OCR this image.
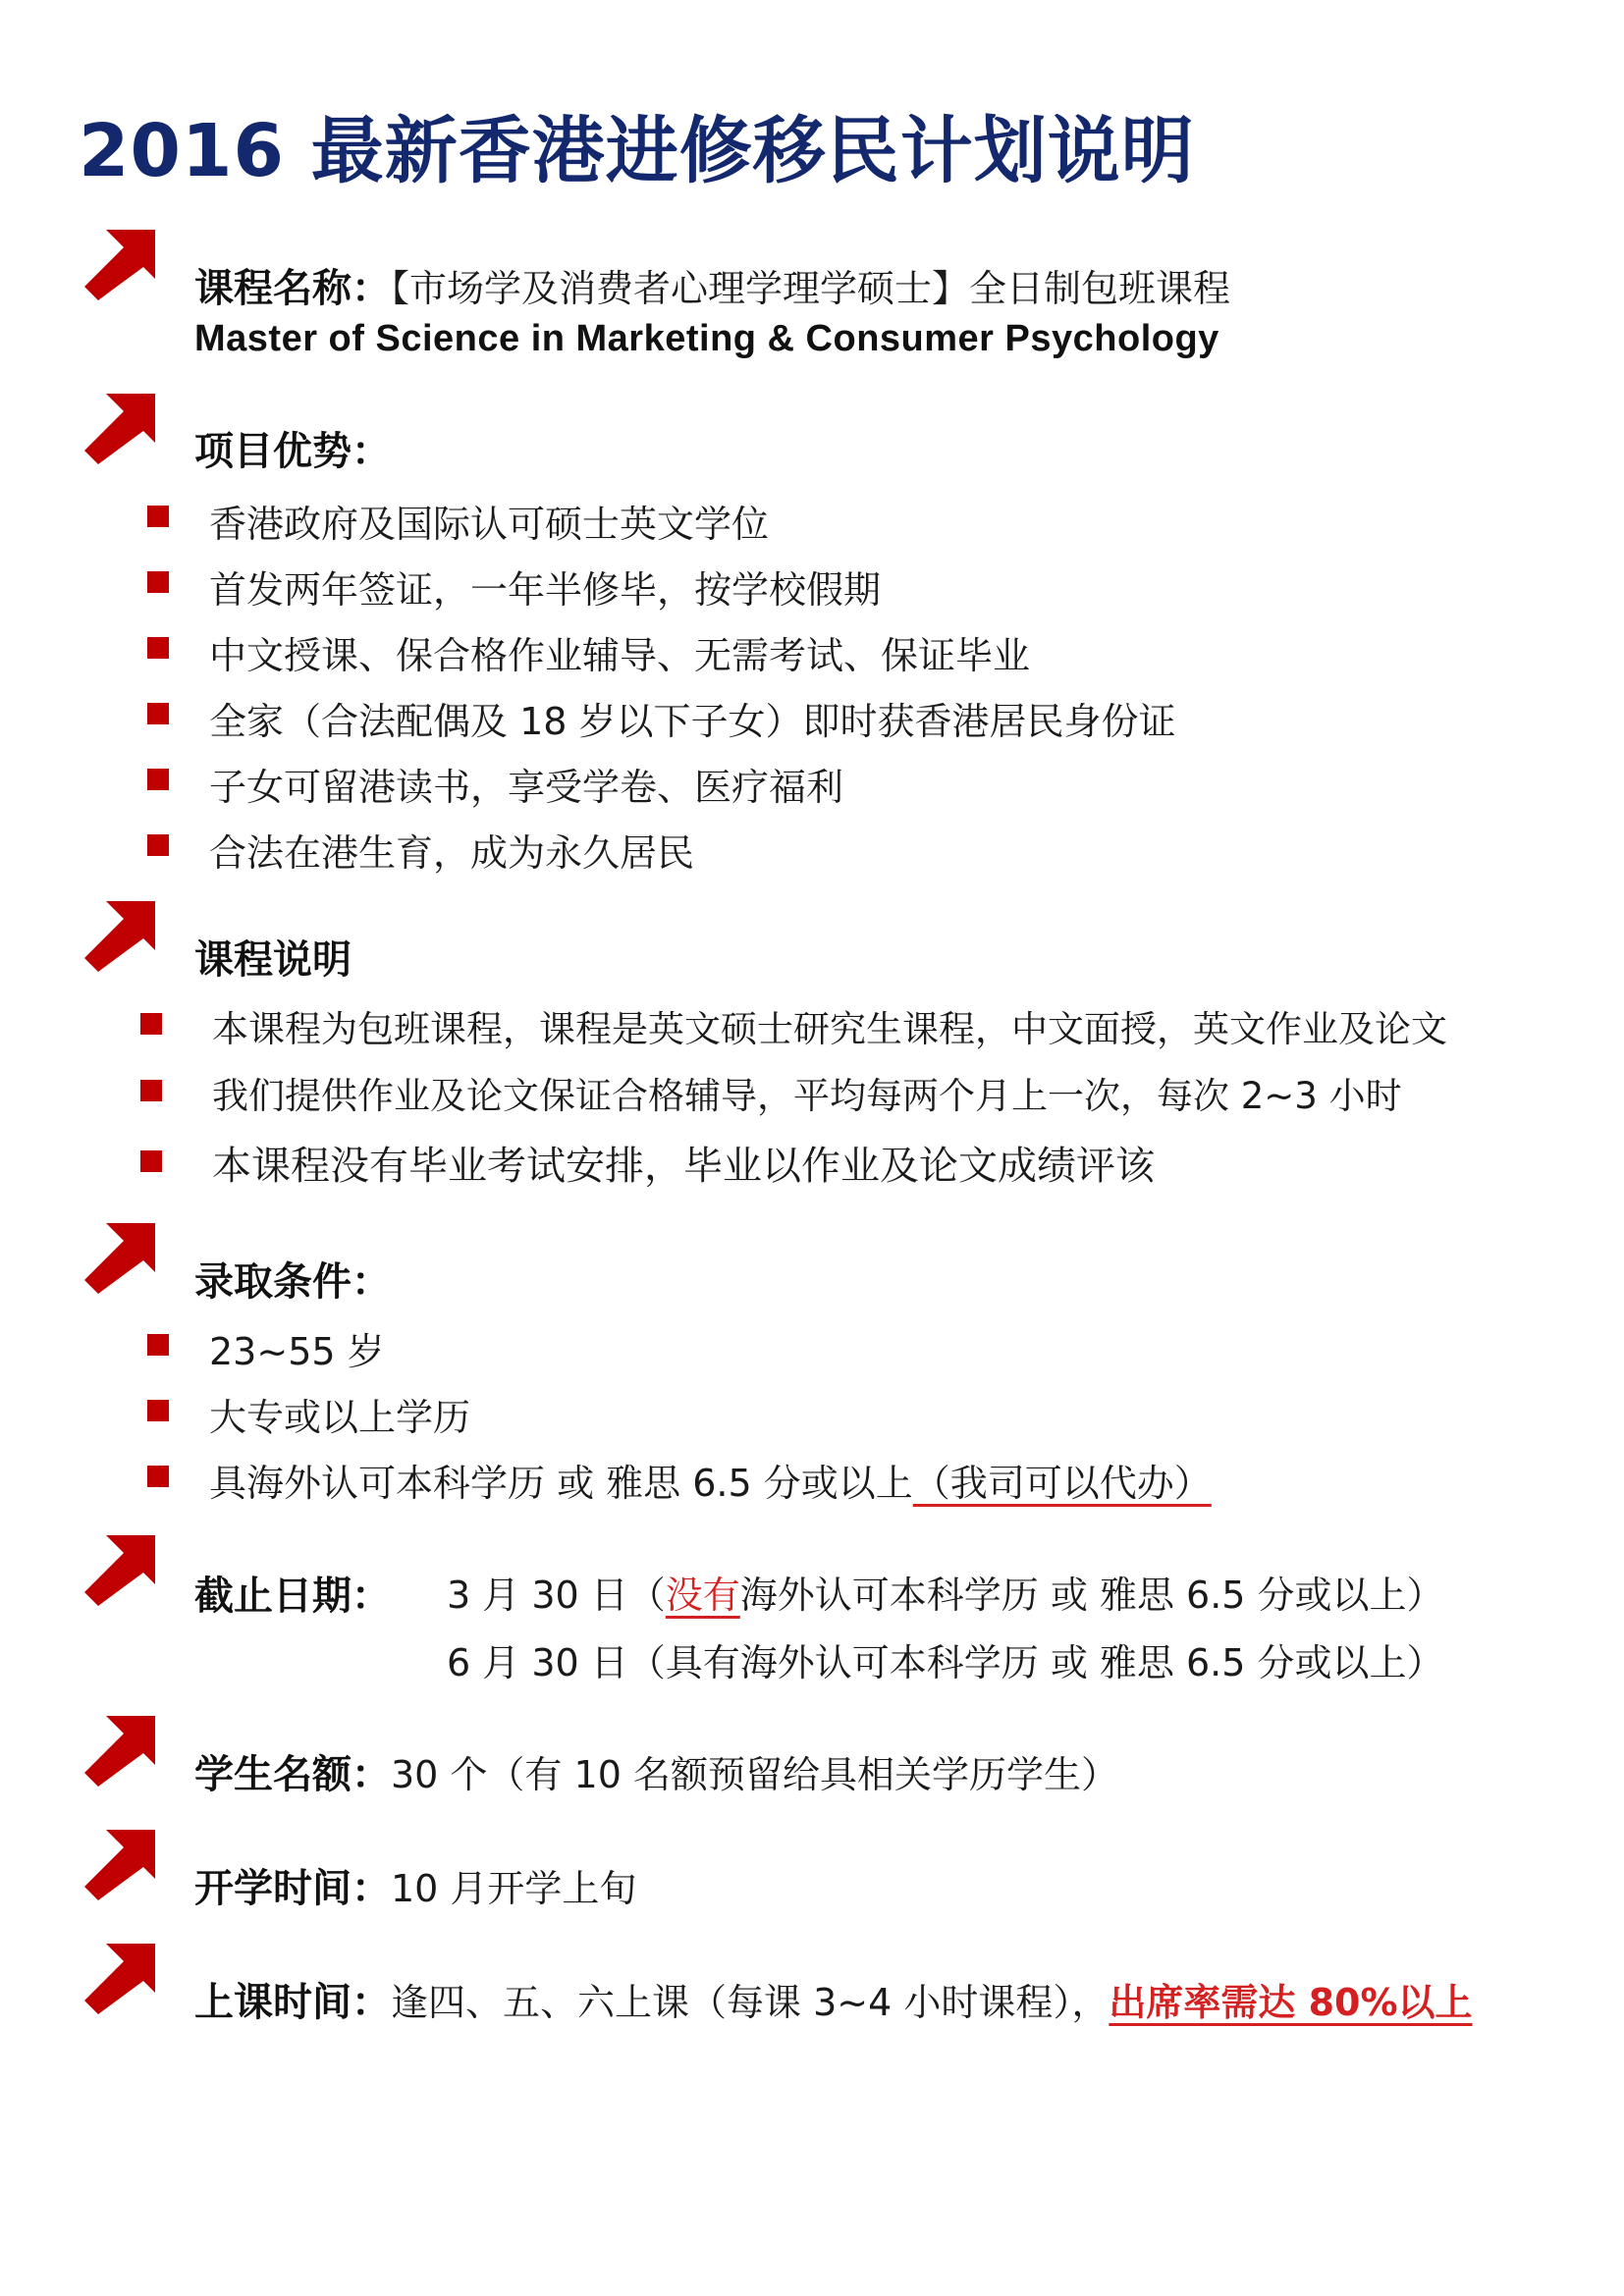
2016 最新香港进修移民计划说明
课程名称：【市场学及消费者心理学理学硕士】全日制包班课程
Master of Science in Marketing & Consumer Psychology
项目优势：
香港政府及国际认可硕士英文学位
首发两年签证，一年半修毕，按学校假期
中文授课、保合格作业辅导、无需考试、保证毕业
全家（合法配偶及 18 岁以下子女）即时获香港居民身份证
子女可留港读书，享受学卷、医疗福利
合法在港生育，成为永久居民
课程说明
本课程为包班课程，课程是英文硕士研究生课程，中文面授，英文作业及论文
我们提供作业及论文保证合格辅导，平均每两个月上一次，每次 2~3 小时
本课程没有毕业考试安排，毕业以作业及论文成绩评该
录取条件：
23~55 岁
大专或以上学历
具海外认可本科学历 或 雅思 6.5 分或以上（我司可以代办）
截止日期： 3 月 30 日（没有海外认可本科学历 或 雅思 6.5 分或以上）
6 月 30 日（具有海外认可本科学历 或 雅思 6.5 分或以上）
学生名额：30 个（有 10 名额预留给具相关学历学生）
开学时间：10 月开学上旬
上课时间：逢四、五、六上课（每课 3~4 小时课程），出席率需达 80%以上
